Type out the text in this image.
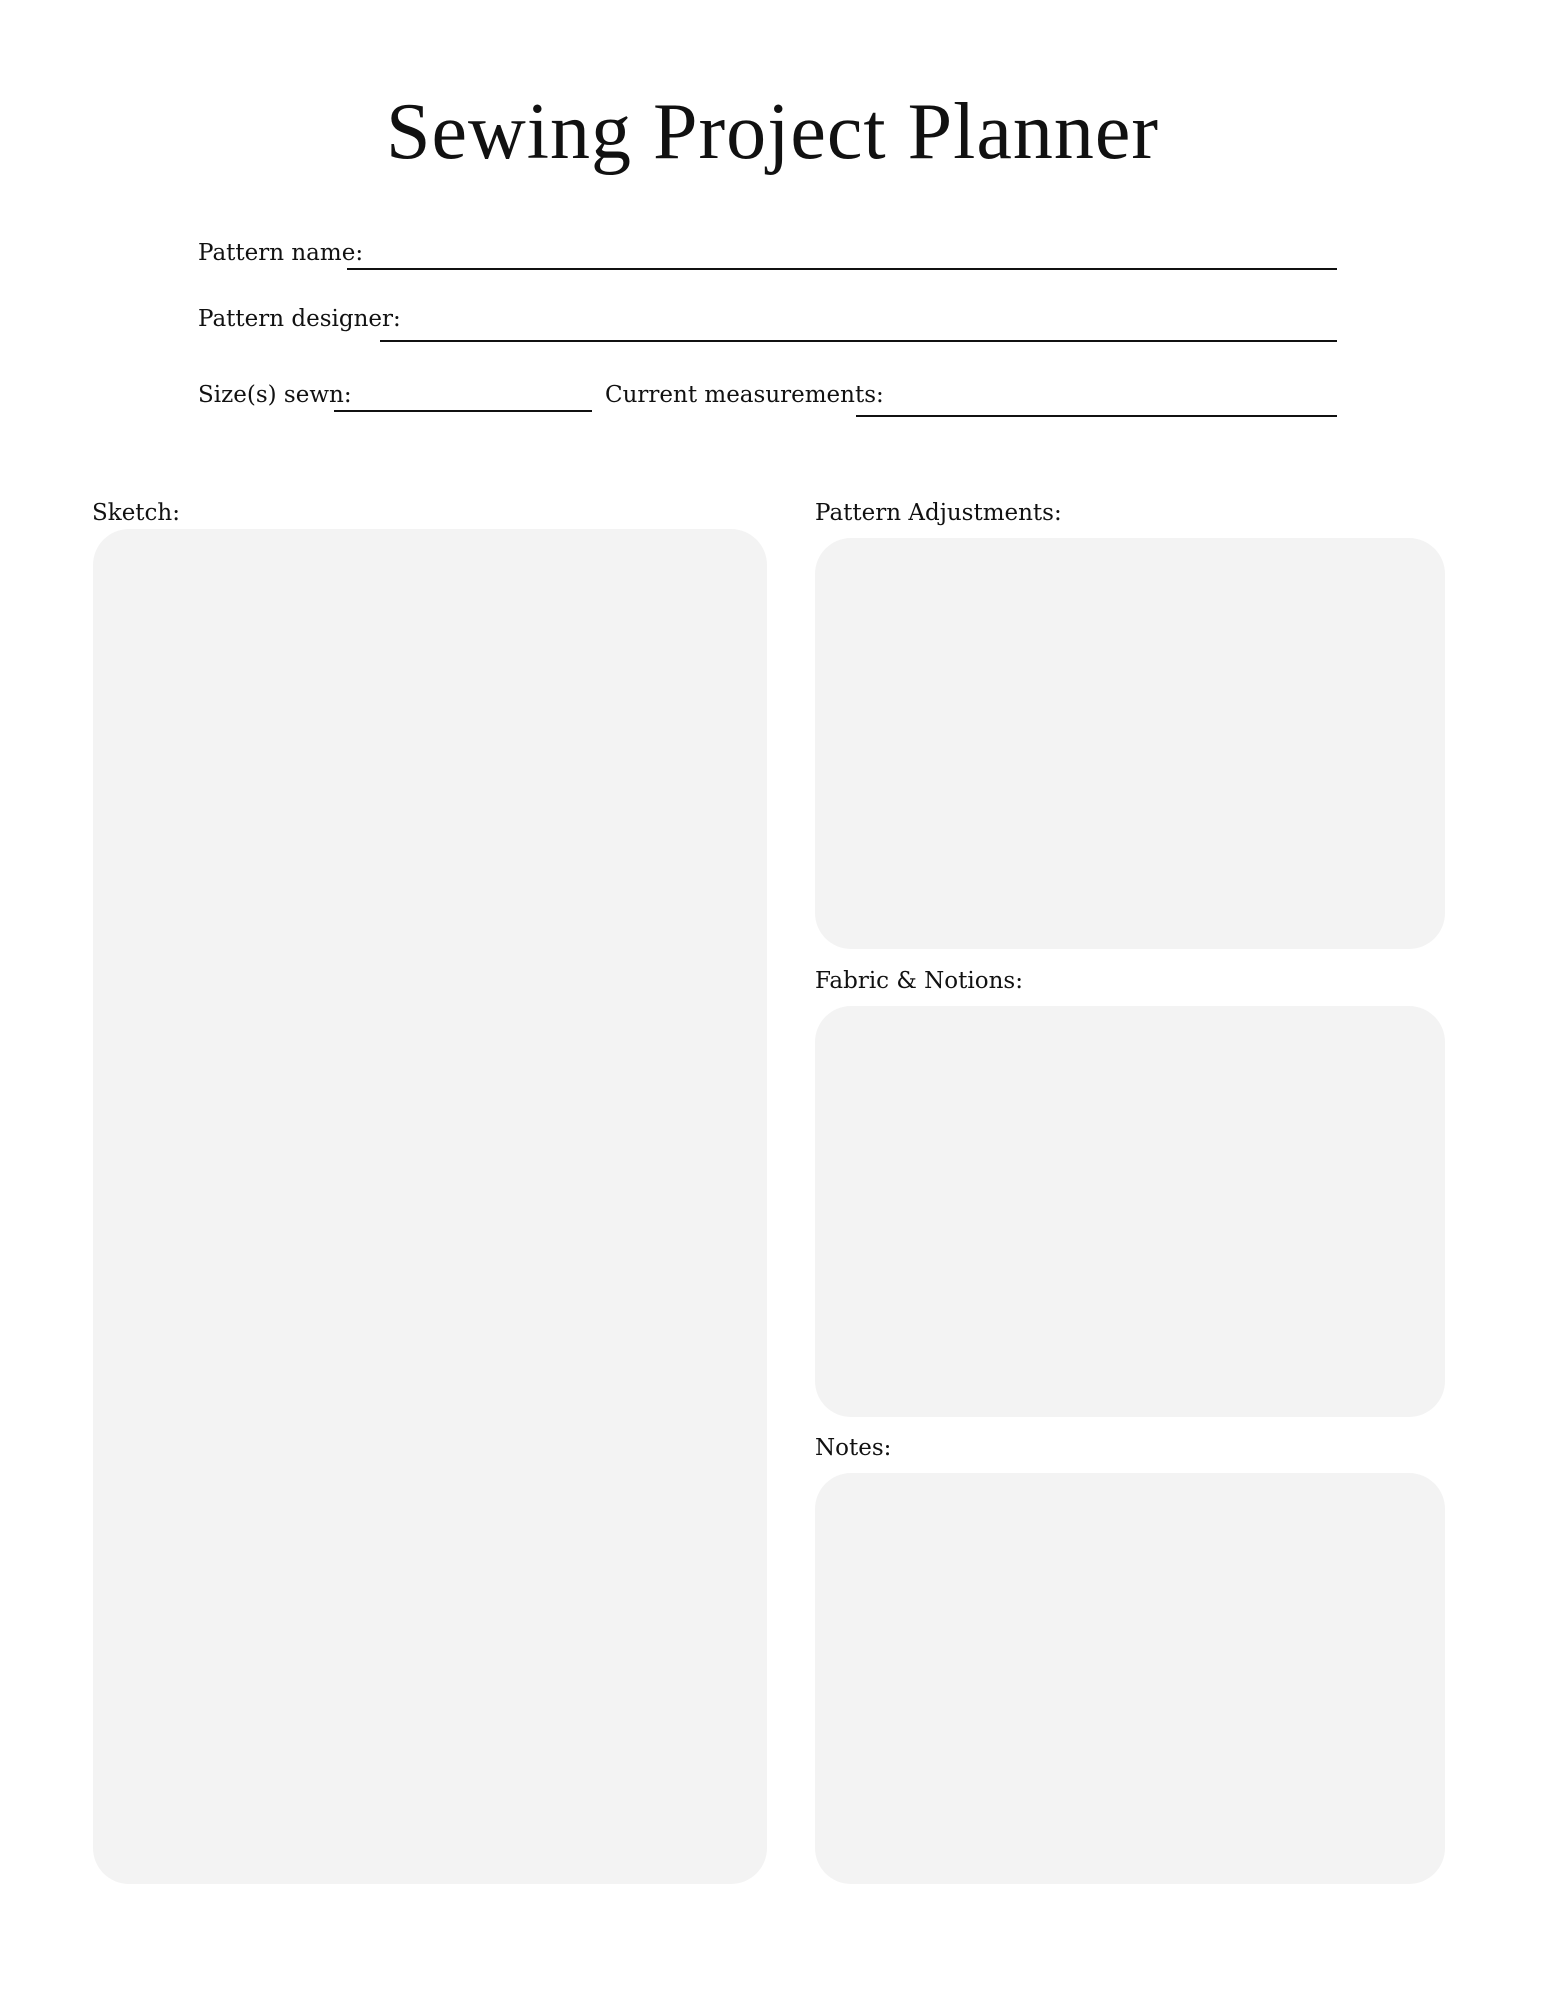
Sewing Project Planner
Pattern name:
Pattern designer:
Size(s) sewn:	Current measurements:
Sketch:	Pattern Adjustments:
Fabric & Notions:
Notes:
